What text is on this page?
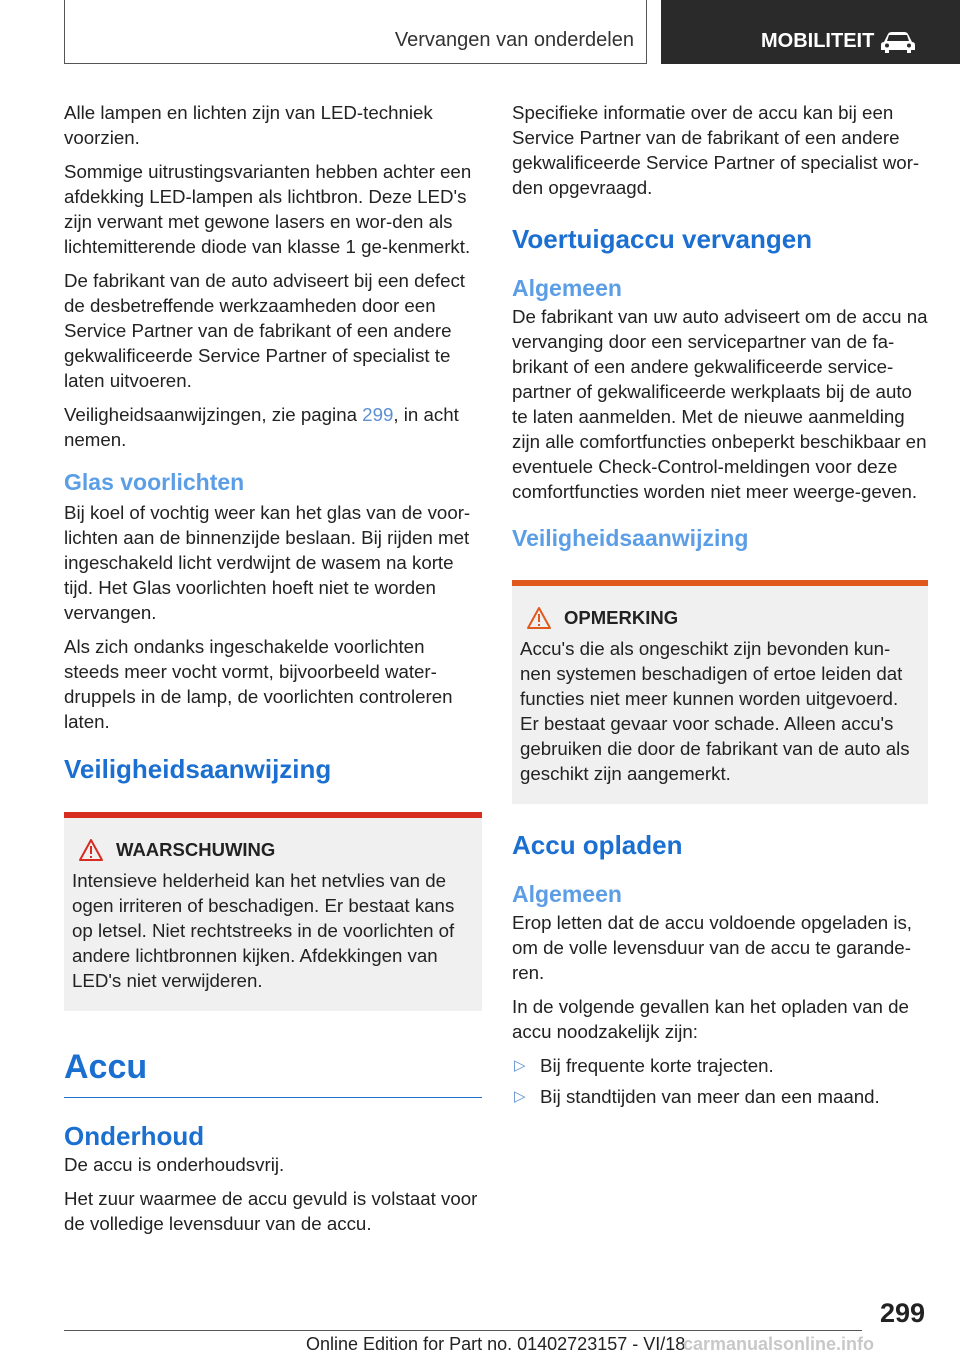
Vervangen van onderdelen	MOBILITEIT

Alle lampen en lichten zijn van LED-techniek voorzien.

Sommige uitrustingsvarianten hebben achter een afdekking LED-lampen als lichtbron. Deze LED's zijn verwant met gewone lasers en wor-den als lichtemitterende diode van klasse 1 ge-kenmerkt.

De fabrikant van de auto adviseert bij een defect de desbetreffende werkzaamheden door een Service Partner van de fabrikant of een andere gekwalificeerde Service Partner of specialist te laten uitvoeren.

Veiligheidsaanwijzingen, zie pagina 299, in acht nemen.

Glas voorlichten

Bij koel of vochtig weer kan het glas van de voor-lichten aan de binnenzijde beslaan. Bij rijden met ingeschakeld licht verdwijnt de wasem na korte tijd. Het Glas voorlichten hoeft niet te worden vervangen.

Als zich ondanks ingeschakelde voorlichten steeds meer vocht vormt, bijvoorbeeld water-druppels in de lamp, de voorlichten controleren laten.

Veiligheidsaanwijzing
WAARSCHUWING

Intensieve helderheid kan het netvlies van de ogen irriteren of beschadigen. Er bestaat kans op letsel. Niet rechtstreeks in de voorlichten of andere lichtbronnen kijken. Afdekkingen van LED's niet verwijderen.

Accu
Onderhoud

De accu is onderhoudsvrij.

Het zuur waarmee de accu gevuld is volstaat voor de volledige levensduur van de accu.

Specifieke informatie over de accu kan bij een Service Partner van de fabrikant of een andere gekwalificeerde Service Partner of specialist wor-den opgevraagd.

Voertuigaccu vervangen
Algemeen

De fabrikant van uw auto adviseert om de accu na vervanging door een servicepartner van de fa-brikant of een andere gekwalificeerde service-partner of gekwalificeerde werkplaats bij de auto te laten aanmelden. Met de nieuwe aanmelding zijn alle comfortfuncties onbeperkt beschikbaar en eventuele Check-Control-meldingen voor deze comfortfuncties worden niet meer weerge-geven.

Veiligheidsaanwijzing
OPMERKING

Accu's die als ongeschikt zijn bevonden kun-nen systemen beschadigen of ertoe leiden dat functies niet meer kunnen worden uitgevoerd. Er bestaat gevaar voor schade. Alleen accu's gebruiken die door de fabrikant van de auto als geschikt zijn aangemerkt.

Accu opladen
Algemeen

Erop letten dat de accu voldoende opgeladen is, om de volle levensduur van de accu te garande-ren.

In de volgende gevallen kan het opladen van de accu noodzakelijk zijn:

▷ Bij frequente korte trajecten.
▷ Bij standtijden van meer dan een maand.
299
Online Edition for Part no. 01402723157 - VI/18
carmanualsonline.info
